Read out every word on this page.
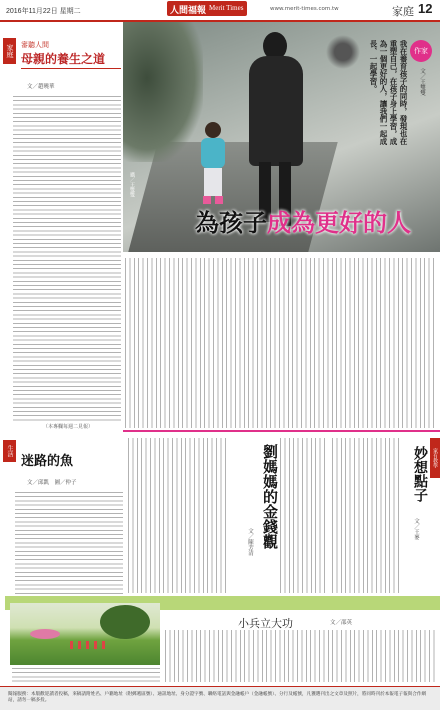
2016年11月22日 星期二	人間福報 Merit Times	www.merit-times.com.tw	家庭 12
家庭 審聽人間
母親的養生之道
文／趙曉華
（本專欄每週二見報）
攝／王雙雙
為孩子成為更好的人
作家
文／王雙雙
我在養育孩子的同時，發現也在重塑自己，在孩子身上學習，成為一個更好的人，讓我們一起成長、一起學習。
生活
迷路的魚
文／邱凱　圖／仲子	劉媽媽的金錢觀
文／陳芳清
家有教學
妙想點子
文／王麥
小兵立大功	文／邵英
閱報服務：本版歡迎讀者投稿，來稿請附姓名、戶籍地址（附郵遞區號）、通訊地址、身分證字號、聯絡電話與金融帳戶（金融帳號）、分行及帳號，凡獲選刊出之文章及照片，將同時刊於本報電子報與合作網站，請勿一稿多投。
